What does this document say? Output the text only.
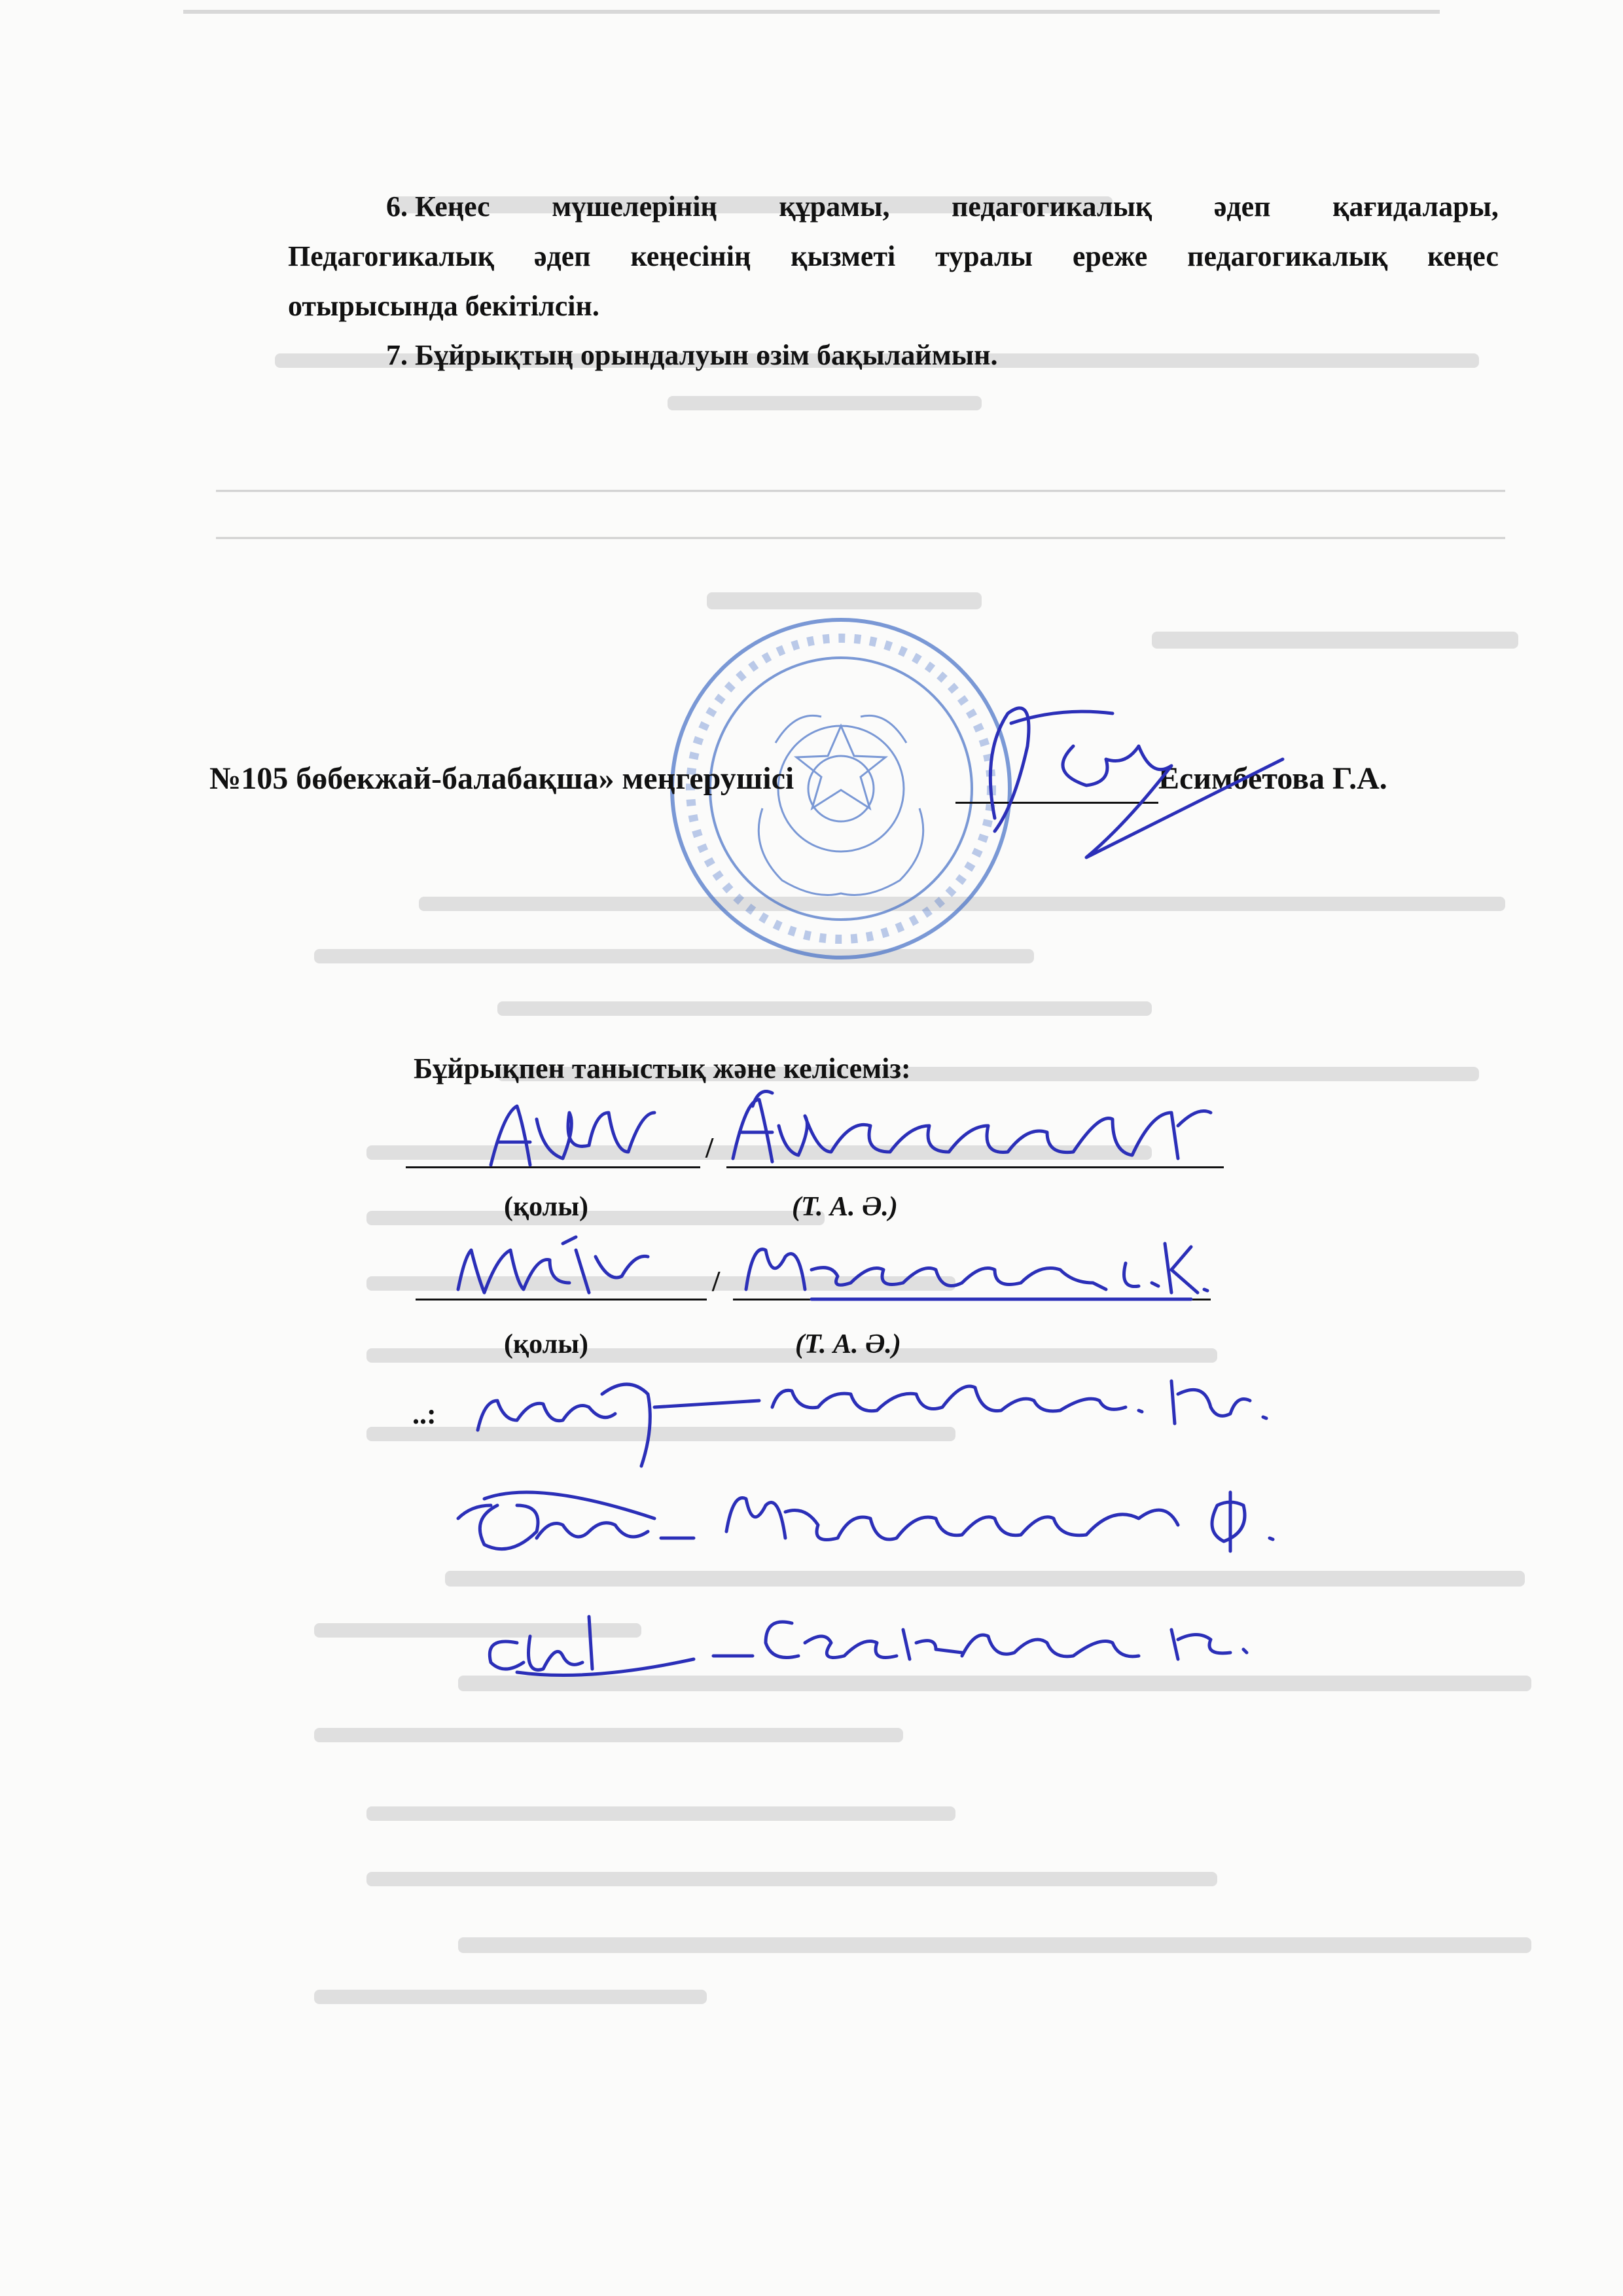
6. Кеңес мүшелерінің құрамы, педагогикалық әдеп қағидалары,
Педагогикалық әдеп кеңесінің қызметі туралы ереже педагогикалық кеңес
отырысында бекітілсін.
7. Бұйрықтың орындалуын өзім бақылаймын.
№105 бөбекжай-балабақша» меңгерушісі	Есимбетова Г.А.
Бұйрықпен таныстық және келісеміз:
/
(қолы)	(Т. А. Ә.)
/
(қолы)	(Т. А. Ә.)
..:
